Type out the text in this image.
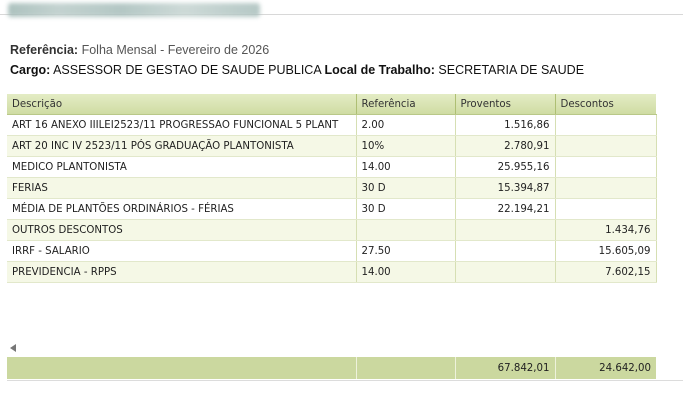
Referência: Folha Mensal - Fevereiro de 2026
Cargo: ASSESSOR DE GESTAO DE SAUDE PUBLICA Local de Trabalho: SECRETARIA DE SAUDE
Descrição	Referência	Proventos	Descontos
ART 16 ANEXO IIILEI2523/11 PROGRESSAO FUNCIONAL 5 PLANT	2.00	1.516,86	
ART 20 INC IV 2523/11 PÓS GRADUAÇÃO PLANTONISTA	10%	2.780,91	
MEDICO PLANTONISTA	14.00	25.955,16	
FERIAS	30 D	15.394,87	
MÉDIA DE PLANTÕES ORDINÁRIOS - FÉRIAS	30 D	22.194,21	
OUTROS DESCONTOS			1.434,76
IRRF - SALARIO	27.50		15.605,09
PREVIDENCIA - RPPS	14.00		7.602,15
		67.842,01	24.642,00
